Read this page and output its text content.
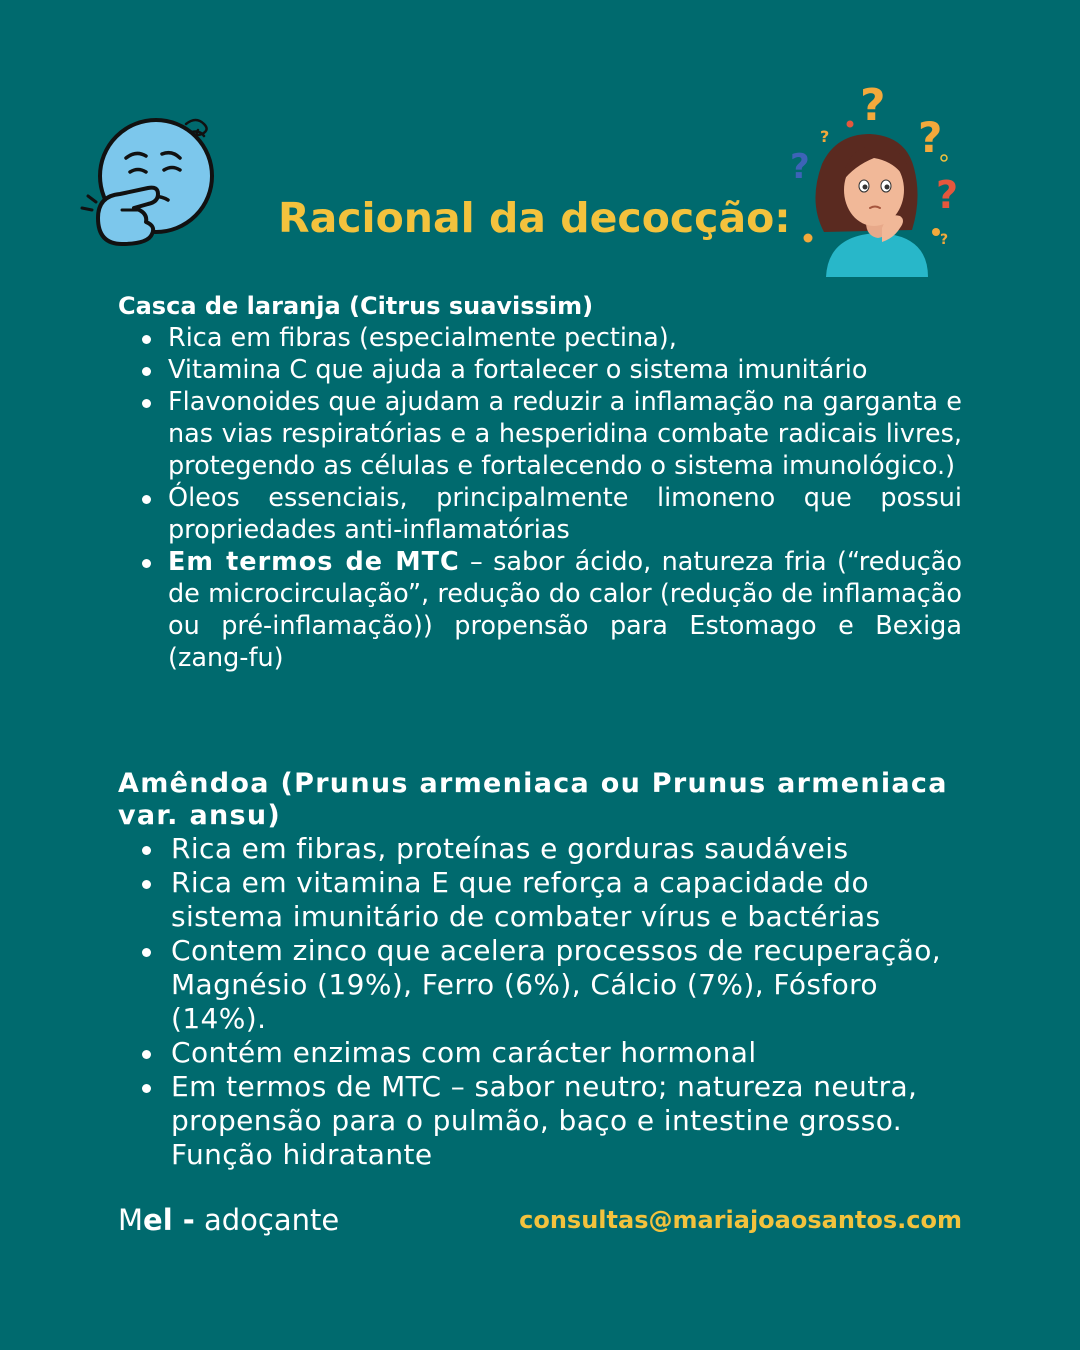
Racional da decocção:
?
?
?
?
?
?
Casca de laranja (Citrus suavissim)
Rica em fibras (especialmente pectina),
Vitamina C que ajuda a fortalecer o sistema imunitário
Flavonoides que ajudam a reduzir a inflamação na garganta e nas vias respiratórias e a hesperidina combate radicais livres, protegendo as células e fortalecendo o sistema imunológico.)
Óleos essenciais, principalmente limoneno que possui propriedades anti-inflamatórias
Em termos de MTC – sabor ácido, natureza fria (“redução de microcirculação”, redução do calor (redução de inflamação ou pré-inflamação)) propensão para Estomago e Bexiga (zang-fu)
Amêndoa (Prunus armeniaca ou Prunus armeniaca var. ansu)
Rica em fibras, proteínas e gorduras saudáveis
Rica em vitamina E que reforça a capacidade do sistema imunitário de combater vírus e bactérias
Contem zinco que acelera processos de recuperação, Magnésio (19%), Ferro (6%), Cálcio (7%), Fósforo (14%).
Contém enzimas com carácter hormonal
Em termos de MTC – sabor neutro; natureza neutra, propensão para o pulmão, baço e intestine grosso. Função hidratante
Mel - adoçante	consultas@mariajoaosantos.com
